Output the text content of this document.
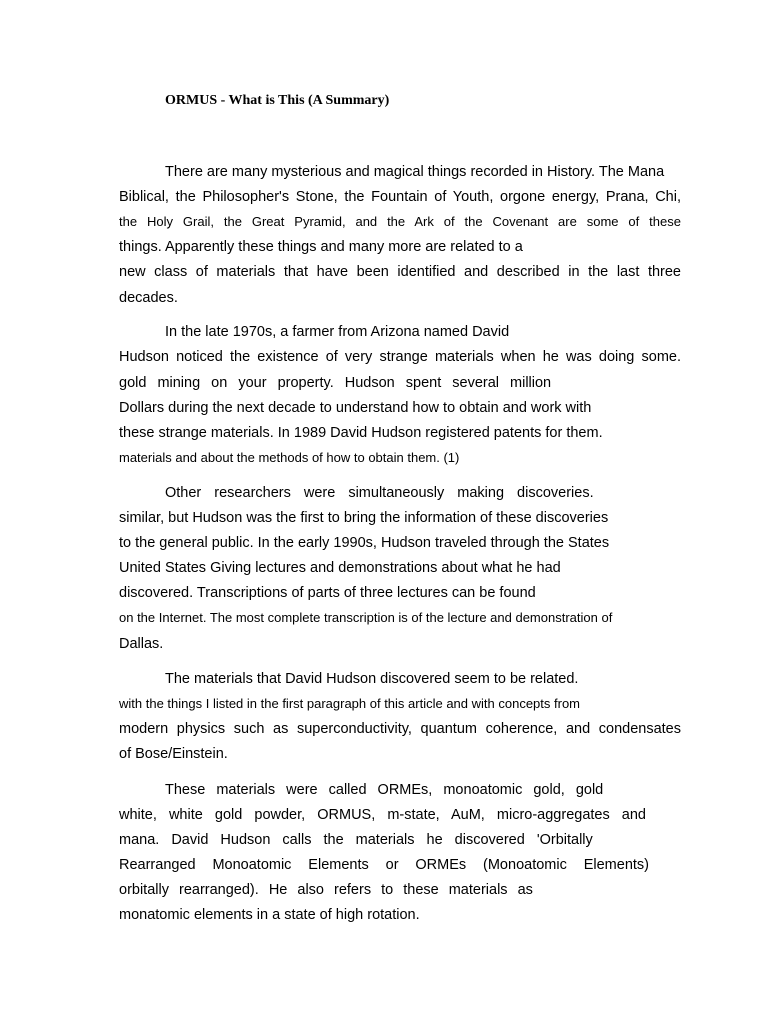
ORMUS - What is This (A Summary)
There are many mysterious and magical things recorded in History. The Mana
Biblical, the Philosopher's Stone, the Fountain of Youth, orgone energy, Prana, Chi,
the Holy Grail, the Great Pyramid, and the Ark of the Covenant are some of these
things. Apparently these things and many more are related to a
new class of materials that have been identified and described in the last three
decades.
In the late 1970s, a farmer from Arizona named David
Hudson noticed the existence of very strange materials when he was doing some.
gold mining on your property. Hudson spent several million
Dollars during the next decade to understand how to obtain and work with
these strange materials. In 1989 David Hudson registered patents for them.
materials and about the methods of how to obtain them. (1)
Other researchers were simultaneously making discoveries.
similar, but Hudson was the first to bring the information of these discoveries
to the general public. In the early 1990s, Hudson traveled through the States
United States Giving lectures and demonstrations about what he had
discovered. Transcriptions of parts of three lectures can be found
on the Internet. The most complete transcription is of the lecture and demonstration of
Dallas.
The materials that David Hudson discovered seem to be related.
with the things I listed in the first paragraph of this article and with concepts from
modern physics such as superconductivity, quantum coherence, and condensates
of Bose/Einstein.
These materials were called ORMEs, monoatomic gold, gold
white, white gold powder, ORMUS, m-state, AuM, micro-aggregates and
mana. David Hudson calls the materials he discovered 'Orbitally
Rearranged Monoatomic Elements or ORMEs (Monoatomic Elements)
orbitally rearranged). He also refers to these materials as
monatomic elements in a state of high rotation.
